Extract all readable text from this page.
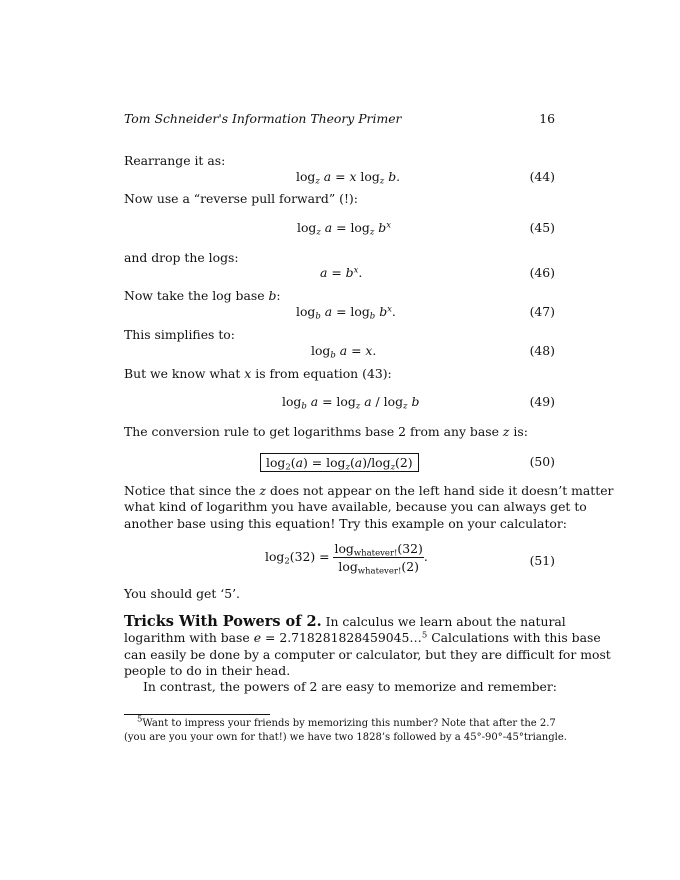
Tom Schneider's Information Theory Primer	16
Rearrange it as:
$\log_z a = x$ $\log_z b$.	(44)
Now use a “reverse pull forward” (!):
$\log_z a = \log_z b^x$	(45)
and drop the logs:
$a = b^x$.	(46)
Now take the log base b:
$\log_b a = \log_b b^x$.	(47)
This simplifies to:
$\log_b a = x$.	(48)
But we know what x is from equation (43):
$\log_b a = \log_z a / \log_z b$	(49)
The conversion rule to get logarithms base 2 from any base z is:
$\log_2(a) = \log_z(a)/\log_z(2)$	(50)
Notice that since the z does not appear on the left hand side it doesn’t matter
what kind of logarithm you have available, because you can always get to
another base using this equation! Try this example on your calculator:
$\log_2(32) = \frac{\log_{whatever!}(32)}{\log_{whatever!}(2)}$ .	(51)
You should get ‘5’.
Tricks With Powers of 2. In calculus we learn about the natural
logarithm with base e = 2.718281828459045…$^5$ Calculations with this base
can easily be done by a computer or calculator, but they are difficult for most
people to do in their head.
In contrast, the powers of 2 are easy to memorize and remember:
$^5$Want to impress your friends by memorizing this number? Note that after the 2.7
(you are you your own for that!) we have two 1828’s followed by a 45°-90°-45°triangle.
